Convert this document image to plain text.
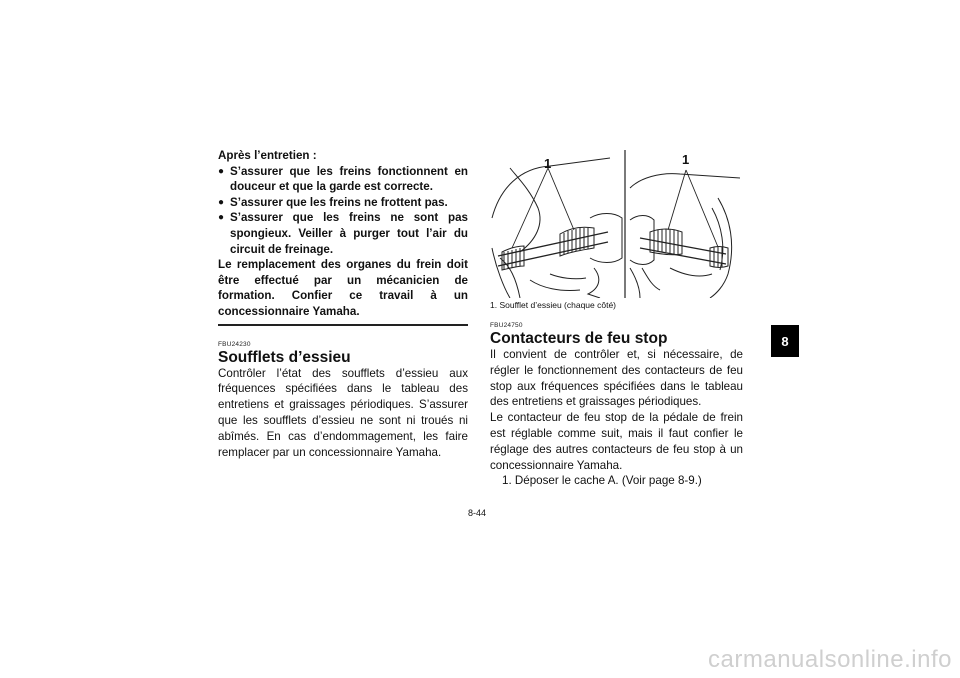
Après l’entretien :

● S’assurer que les freins fonctionnent en douceur et que la garde est correcte.
● S’assurer que les freins ne frottent pas.
● S’assurer que les freins ne sont pas spongieux. Veiller à purger tout l’air du circuit de freinage.

Le remplacement des organes du frein doit être effectué par un mécanicien de formation. Confier ce travail à un concessionnaire Yamaha.

FBU24230
Soufflets d’essieu

Contrôler l’état des soufflets d’essieu aux fréquences spécifiées dans le tableau des entretiens et graissages périodiques. S’assurer que les soufflets d’essieu ne sont ni troués ni abîmés. En cas d’endommagement, les faire remplacer par un concessionnaire Yamaha.

1	1
1. Soufflet d’essieu (chaque côté)
FBU24750
Contacteurs de feu stop

Il convient de contrôler et, si nécessaire, de régler le fonctionnement des contacteurs de feu stop aux fréquences spécifiées dans le tableau des entretiens et graissages périodiques.

Le contacteur de feu stop de la pédale de frein est réglable comme suit, mais il faut confier le réglage des autres contacteurs de feu stop à un concessionnaire Yamaha.

1. Déposer le cache A. (Voir page 8-9.)

8-44
8
carmanualsonline.info
